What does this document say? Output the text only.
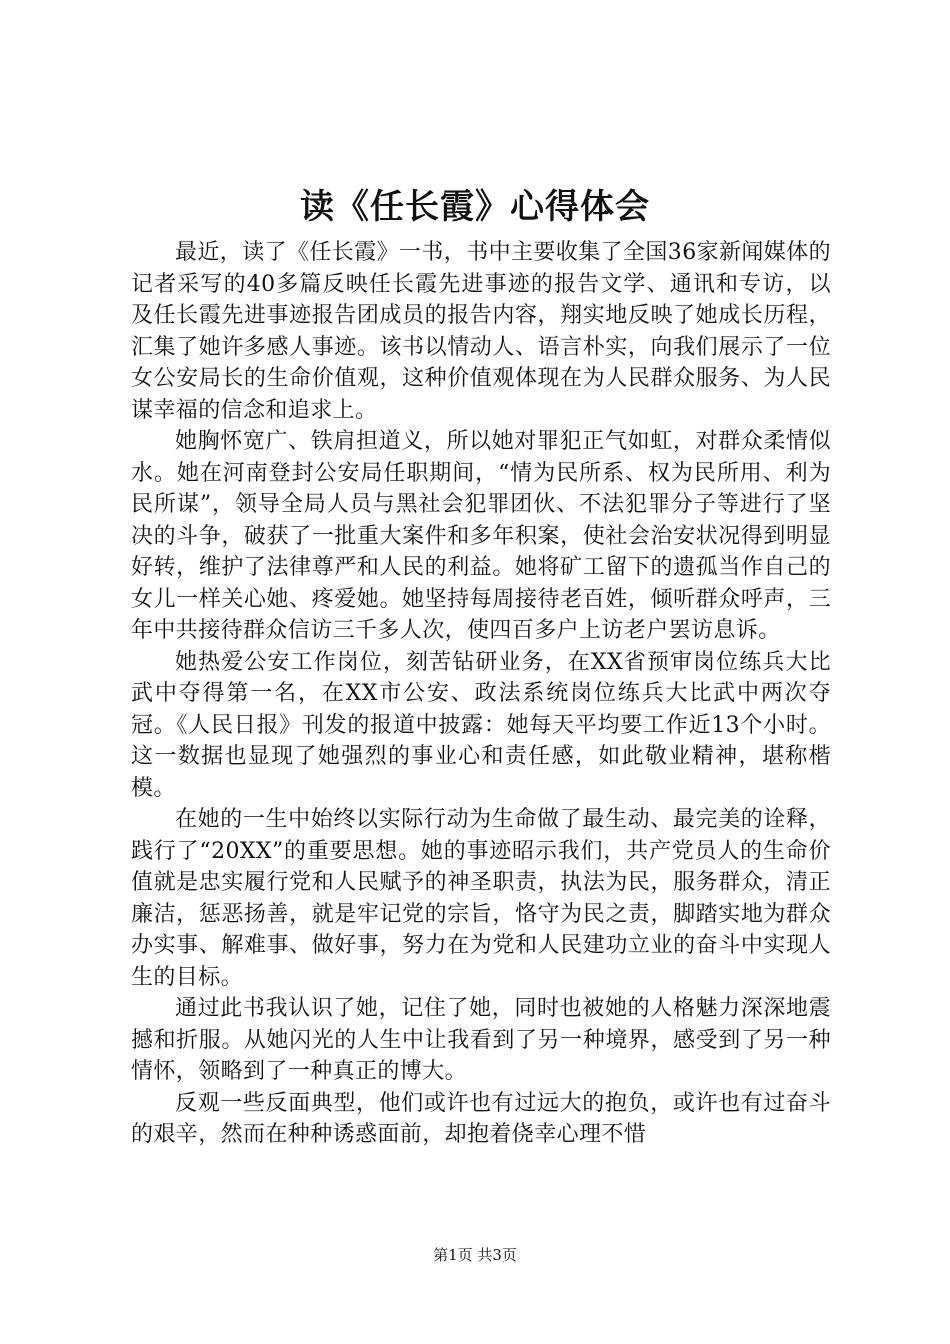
读《任长霞》心得体会

最近，读了《任长霞》一书，书中主要收集了全国36家新闻媒体的记者采写的40多篇反映任长霞先进事迹的报告文学、通讯和专访，以及任长霞先进事迹报告团成员的报告内容，翔实地反映了她成长历程，汇集了她许多感人事迹。该书以情动人、语言朴实，向我们展示了一位女公安局长的生命价值观，这种价值观体现在为人民群众服务、为人民谋幸福的信念和追求上。

她胸怀宽广、铁肩担道义，所以她对罪犯正气如虹，对群众柔情似水。她在河南登封公安局任职期间，“情为民所系、权为民所用、利为民所谋”，领导全局人员与黑社会犯罪团伙、不法犯罪分子等进行了坚决的斗争，破获了一批重大案件和多年积案，使社会治安状况得到明显好转，维护了法律尊严和人民的利益。她将矿工留下的遗孤当作自己的女儿一样关心她、疼爱她。她坚持每周接待老百姓，倾听群众呼声，三年中共接待群众信访三千多人次，使四百多户上访老户罢访息诉。

她热爱公安工作岗位，刻苦钻研业务，在XX省预审岗位练兵大比武中夺得第一名，在XX市公安、政法系统岗位练兵大比武中两次夺冠。《人民日报》刊发的报道中披露：她每天平均要工作近13个小时。这一数据也显现了她强烈的事业心和责任感，如此敬业精神，堪称楷模。

在她的一生中始终以实际行动为生命做了最生动、最完美的诠释，践行了“20XX”的重要思想。她的事迹昭示我们，共产党员人的生命价值就是忠实履行党和人民赋予的神圣职责，执法为民，服务群众，清正廉洁，惩恶扬善，就是牢记党的宗旨，恪守为民之责，脚踏实地为群众办实事、解难事、做好事，努力在为党和人民建功立业的奋斗中实现人生的目标。

通过此书我认识了她，记住了她，同时也被她的人格魅力深深地震撼和折服。从她闪光的人生中让我看到了另一种境界，感受到了另一种情怀，领略到了一种真正的博大。

反观一些反面典型，他们或许也有过远大的抱负，或许也有过奋斗的艰辛，然而在种种诱惑面前，却抱着侥幸心理不惜

第1页 共3页
